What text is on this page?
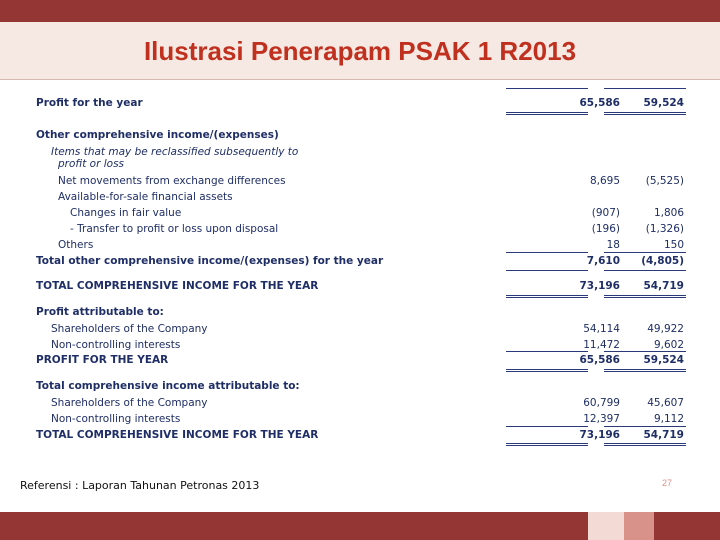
Ilustrasi Penerapam PSAK 1 R2013
Profit for the year	65,586 59,524
Other comprehensive income/(expenses)
Items that may be reclassified subsequently to
profit or loss
Net movements from exchange differences	8,695 (5,525)
Available-for-sale financial assets
Changes in fair value	(907)	1,806
- Transfer to profit or loss upon disposal	(196) (1,326)
Others	18	150
Total other comprehensive income/(expenses) for the year	7,610 (4,805)
TOTAL COMPREHENSIVE INCOME FOR THE YEAR	73,196 54,719
Profit attributable to:
Shareholders of the Company	54,114	49,922
Non-controlling interests	11,472	9,602
PROFIT FOR THE YEAR	65,586 59,524
Total comprehensive income attributable to:
Shareholders of the Company	60,799	45,607
Non-controlling interests	12,397	9,112
TOTAL COMPREHENSIVE INCOME FOR THE YEAR	73,196 54,719
Referensi : Laporan Tahunan Petronas 2013	27
